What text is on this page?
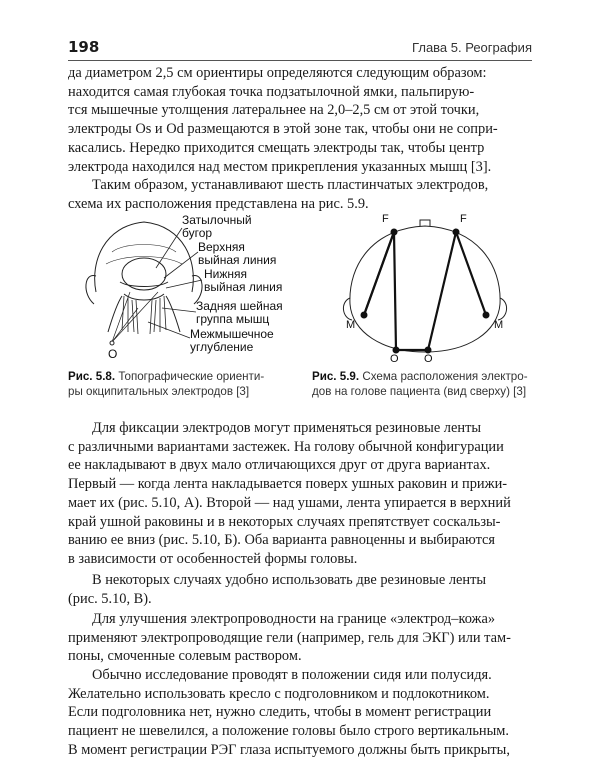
198	Глава 5. Реография

да диаметром 2,5 см ориентиры определяются следующим образом:

находится самая глубокая точка подзатылочной ямки, пальпирую-

тся мышечные утолщения латеральнее на 2,0–2,5 см от этой точки,

электроды Os и Od размещаются в этой зоне так, чтобы они не сопри-

касались. Нередко приходится смещать электроды так, чтобы центр

электрода находился над местом прикрепления указанных мышц [3].

Таким образом, устанавливают шесть пластинчатых электродов,

схема их расположения представлена на рис. 5.9.

Затылочный
бугор
Верхняя
выйная линия
Нижняя
выйная линия
Задняя шейная
группа мышц
Межмышечное
углубление
O
F	F
M	M
O O
Рис. 5.8. Топографические ориенти-
ры окципитальных электродов [3]
Рис. 5.9. Схема расположения электро-
дов на голове пациента (вид сверху) [3]

Для фиксации электродов могут применяться резиновые ленты

с различными вариантами застежек. На голову обычной конфигурации

ее накладывают в двух мало отличающихся друг от друга вариантах.

Первый — когда лента накладывается поверх ушных раковин и прижи-

мает их (рис. 5.10, А). Второй — над ушами, лента упирается в верхний

край ушной раковины и в некоторых случаях препятствует соскальзы-

ванию ее вниз (рис. 5.10, Б). Оба варианта равноценны и выбираются

в зависимости от особенностей формы головы.

В некоторых случаях удобно использовать две резиновые ленты

(рис. 5.10, В).

Для улучшения электропроводности на границе «электрод–кожа»

применяют электропроводящие гели (например, гель для ЭКГ) или там-

поны, смоченные солевым раствором.

Обычно исследование проводят в положении сидя или полусидя.

Желательно использовать кресло с подголовником и подлокотником.

Если подголовника нет, нужно следить, чтобы в момент регистрации

пациент не шевелился, а положение головы было строго вертикальным.

В момент регистрации РЭГ глаза испытуемого должны быть прикрыты,
